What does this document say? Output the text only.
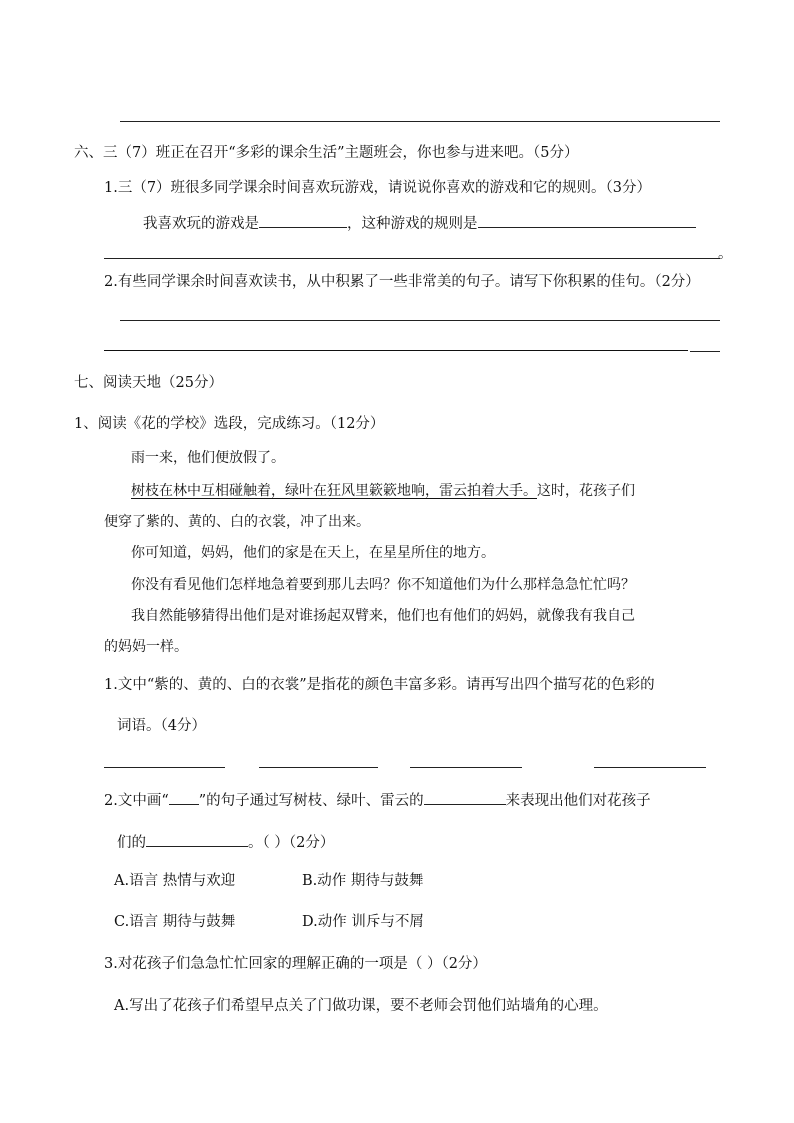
六、三（7）班正在召开“多彩的课余生活”主题班会，你也参与进来吧。（5分）
1.三（7）班很多同学课余时间喜欢玩游戏，请说说你喜欢的游戏和它的规则。（3分）
我喜欢玩的游戏是	，这种游戏的规则是
。
2.有些同学课余时间喜欢读书，从中积累了一些非常美的句子。请写下你积累的佳句。（2分）
七、阅读天地（25分）
1、阅读《花的学校》选段，完成练习。（12分）
雨一来，他们便放假了。
树枝在林中互相碰触着，绿叶在狂风里簌簌地响，雷云拍着大手。这时，花孩子们
便穿了紫的、黄的、白的衣裳，冲了出来。
你可知道，妈妈，他们的家是在天上，在星星所住的地方。
你没有看见他们怎样地急着要到那儿去吗？你不知道他们为什么那样急急忙忙吗？
我自然能够猜得出他们是对谁扬起双臂来，他们也有他们的妈妈，就像我有我自己
的妈妈一样。
1.文中“紫的、黄的、白的衣裳”是指花的颜色丰富多彩。请再写出四个描写花的色彩的
词语。（4分）
2.文中画“ ”的句子通过写树枝、绿叶、雷云的	来表现出他们对花孩子
们的	。（ ）（2分）
A.语言 热情与欢迎	B.动作 期待与鼓舞
C.语言 期待与鼓舞	D.动作 训斥与不屑
3.对花孩子们急急忙忙回家的理解正确的一项是（ ）（2分）
A.写出了花孩子们希望早点关了门做功课，要不老师会罚他们站墙角的心理。
